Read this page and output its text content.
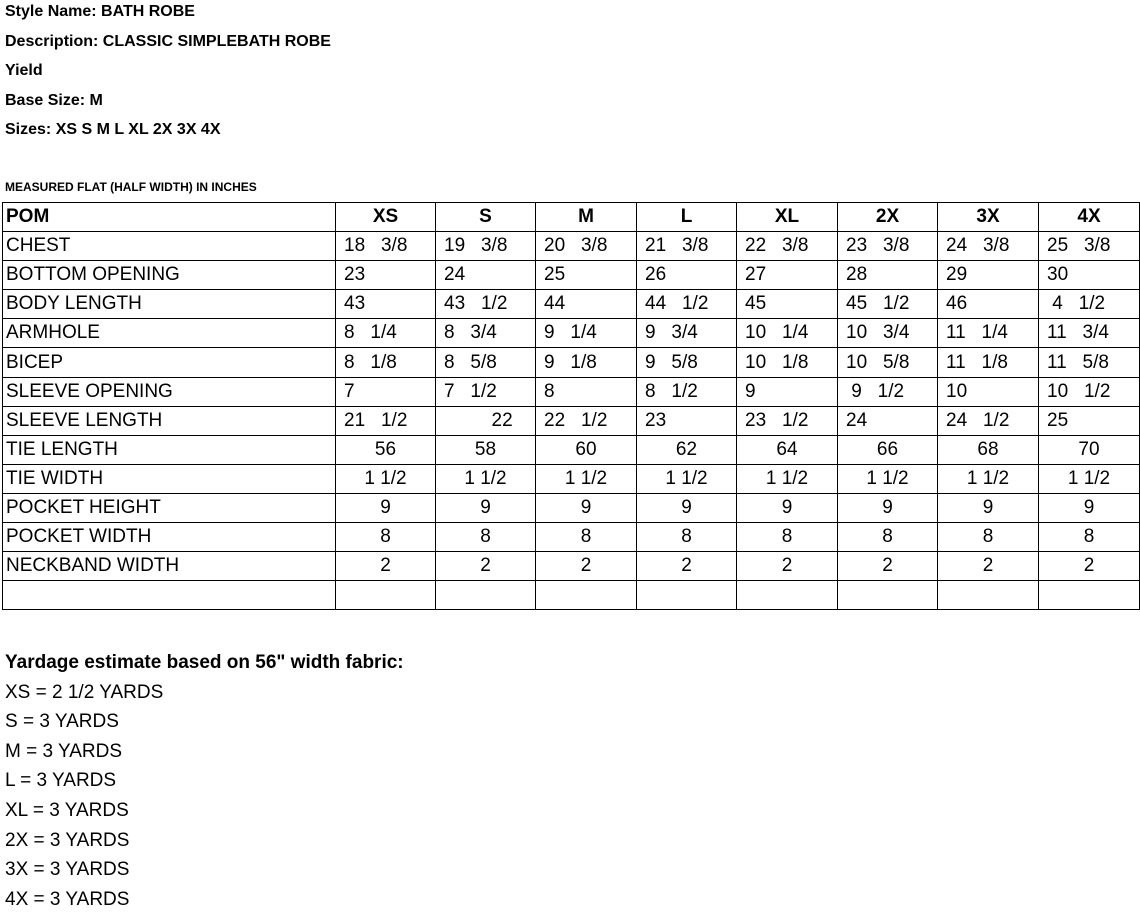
Style Name: BATH ROBE
Description: CLASSIC SIMPLEBATH ROBE
Yield
Base Size: M
Sizes: XS S M L XL 2X 3X 4X
MEASURED FLAT (HALF WIDTH) IN INCHES
POM	XS	S	M	L	XL	2X	3X	4X
CHEST	18   3/8	19   3/8	20   3/8	21   3/8	22   3/8	23   3/8	24   3/8	25   3/8
BOTTOM OPENING	23	24	25	26	27	28	29	30
BODY LENGTH	43	43   1/2	44	44   1/2	45	45   1/2	46	4   1/2
ARMHOLE	8   1/4	8   3/4	9   1/4	9   3/4	10   1/4	10   3/4	11   1/4	11   3/4
BICEP	8   1/8	8   5/8	9   1/8	9   5/8	10   1/8	10   5/8	11   1/8	11   5/8
SLEEVE OPENING	7	7   1/2	8	8   1/2	9	9   1/2	10	10   1/2
SLEEVE LENGTH	21   1/2	22	22   1/2	23	23   1/2	24	24   1/2	25
TIE LENGTH	56	58	60	62	64	66	68	70
TIE WIDTH	1 1/2	1 1/2	1 1/2	1 1/2	1 1/2	1 1/2	1 1/2	1 1/2
POCKET HEIGHT	9	9	9	9	9	9	9	9
POCKET WIDTH	8	8	8	8	8	8	8	8
NECKBAND WIDTH	2	2	2	2	2	2	2	2

Yardage estimate based on 56" width fabric:
XS = 2 1/2 YARDS
S = 3 YARDS
M = 3 YARDS
L = 3 YARDS
XL = 3 YARDS
2X = 3 YARDS
3X = 3 YARDS
4X = 3 YARDS
